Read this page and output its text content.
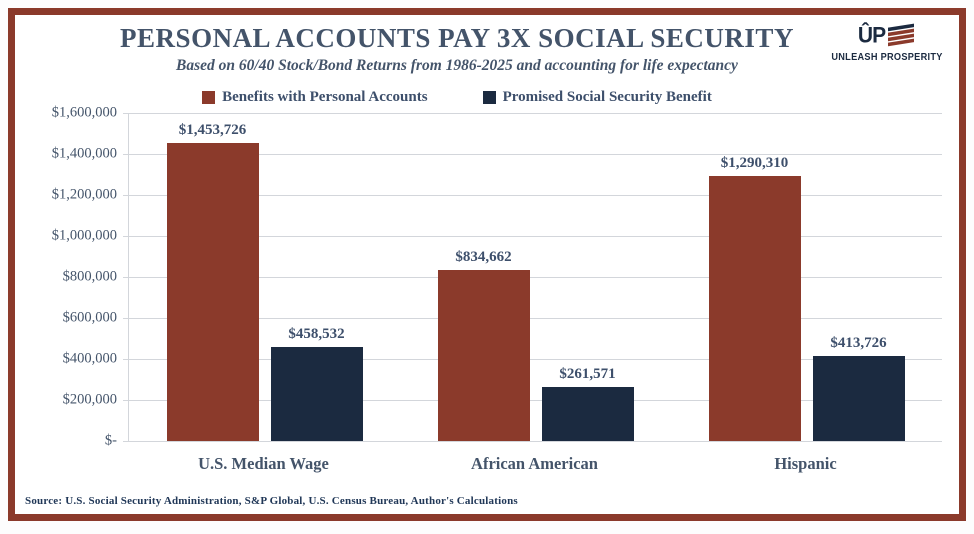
PERSONAL ACCOUNTS PAY 3X SOCIAL SECURITY
Based on 60/40 Stock/Bond Returns from 1986-2025 and accounting for life expectancy
ÛP
UNLEASH PROSPERITY
Benefits with Personal Accounts	Promised Social Security Benefit
$1,600,000
$1,400,000
$1,200,000
$1,000,000
$800,000
$600,000
$400,000
$200,000
$-
$1,453,726
$458,532
$834,662
$261,571
$1,290,310
$413,726
U.S. Median Wage	African American	Hispanic
Source: U.S. Social Security Administration, S&P Global, U.S. Census Bureau, Author's Calculations
